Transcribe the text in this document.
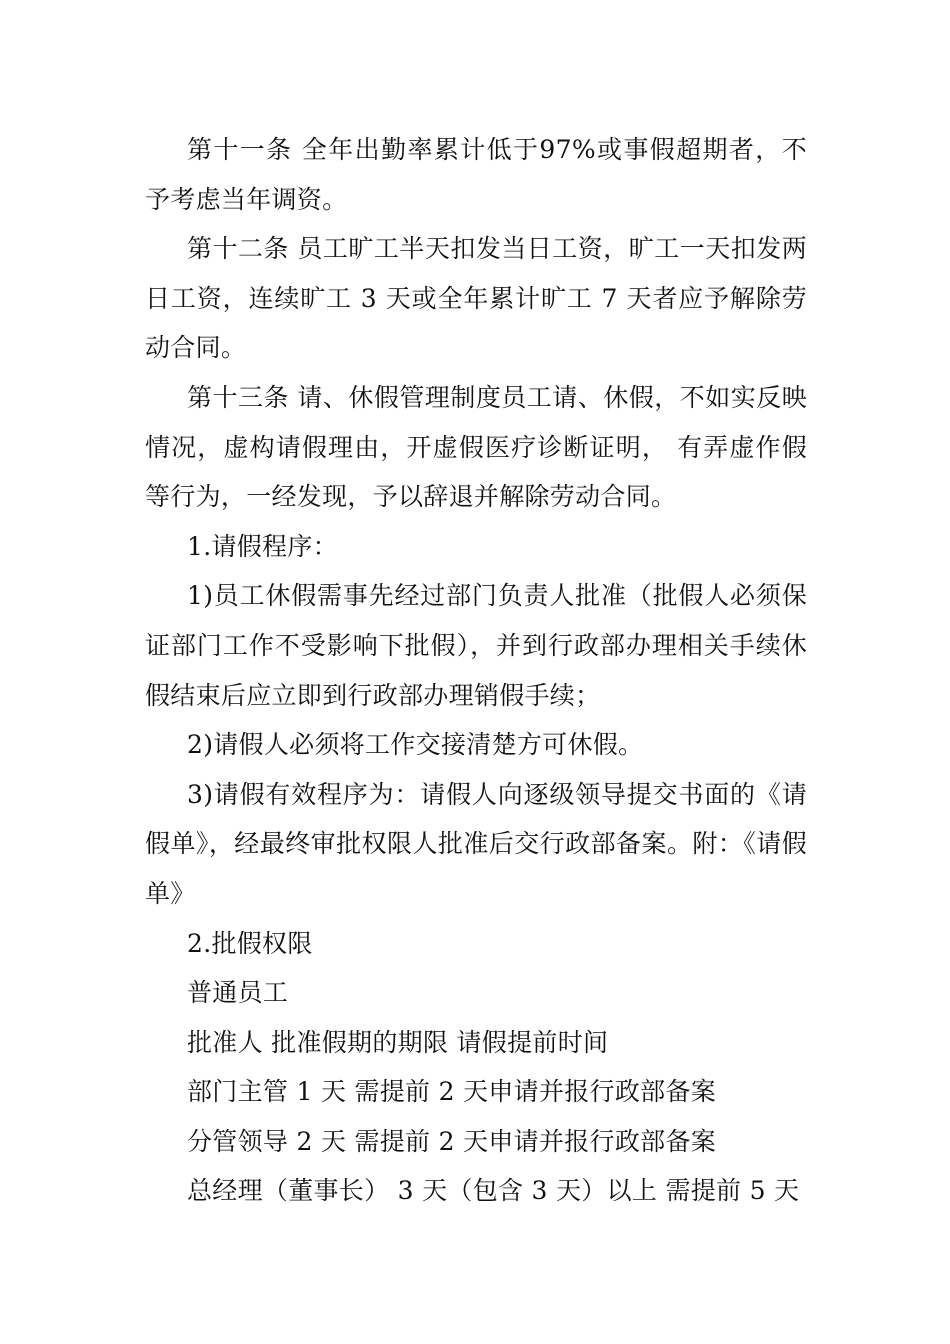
第十一条 全年出勤率累计低于97%或事假超期者，不予考虑当年调资。

第十二条 员工旷工半天扣发当日工资，旷工一天扣发两日工资，连续旷工 3 天或全年累计旷工 7 天者应予解除劳动合同。

第十三条 请、休假管理制度员工请、休假，不如实反映情况，虚构请假理由，开虚假医疗诊断证明， 有弄虚作假等行为，一经发现，予以辞退并解除劳动合同。

1.请假程序：

1)员工休假需事先经过部门负责人批准（批假人必须保证部门工作不受影响下批假），并到行政部办理相关手续休假结束后应立即到行政部办理销假手续；

2)请假人必须将工作交接清楚方可休假。

3)请假有效程序为：请假人向逐级领导提交书面的《请假单》，经最终审批权限人批准后交行政部备案。附：《请假单》

2.批假权限

普通员工

批准人 批准假期的期限 请假提前时间

部门主管 1 天 需提前 2 天申请并报行政部备案

分管领导 2 天 需提前 2 天申请并报行政部备案

总经理（董事长） 3 天（包含 3 天）以上 需提前 5 天
